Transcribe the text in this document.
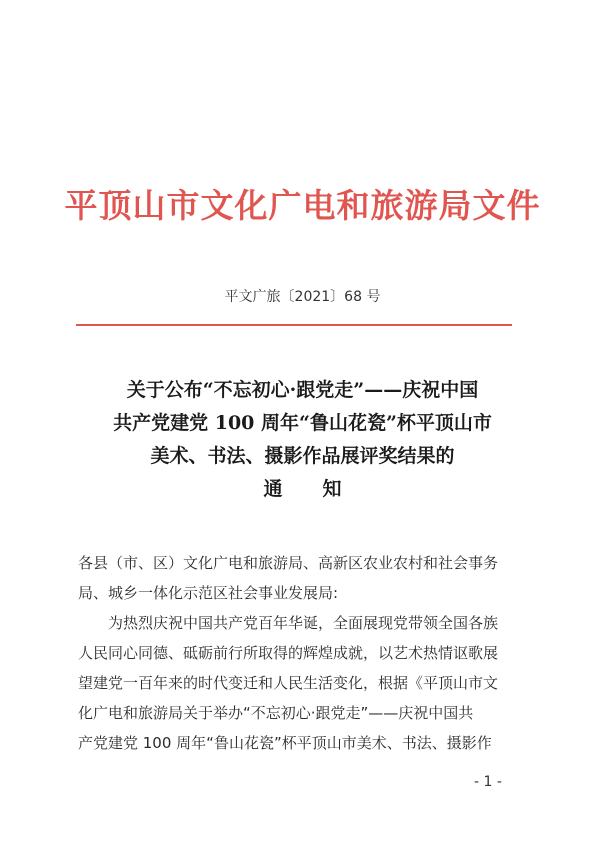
平顶山市文化广电和旅游局文件
平文广旅〔2021〕68 号
关于公布“不忘初心·跟党走”——庆祝中国
共产党建党 100 周年“鲁山花瓷”杯平顶山市
美术、书法、摄影作品展评奖结果的
通知
各县（市、区）文化广电和旅游局、高新区农业农村和社会事务
局、城乡一体化示范区社会事业发展局:
为热烈庆祝中国共产党百年华诞，全面展现党带领全国各族
人民同心同德、砥砺前行所取得的辉煌成就，以艺术热情讴歌展
望建党一百年来的时代变迁和人民生活变化，根据《平顶山市文
化广电和旅游局关于举办“不忘初心·跟党走”——庆祝中国共
产党建党 100 周年“鲁山花瓷”杯平顶山市美术、书法、摄影作
- 1 -
